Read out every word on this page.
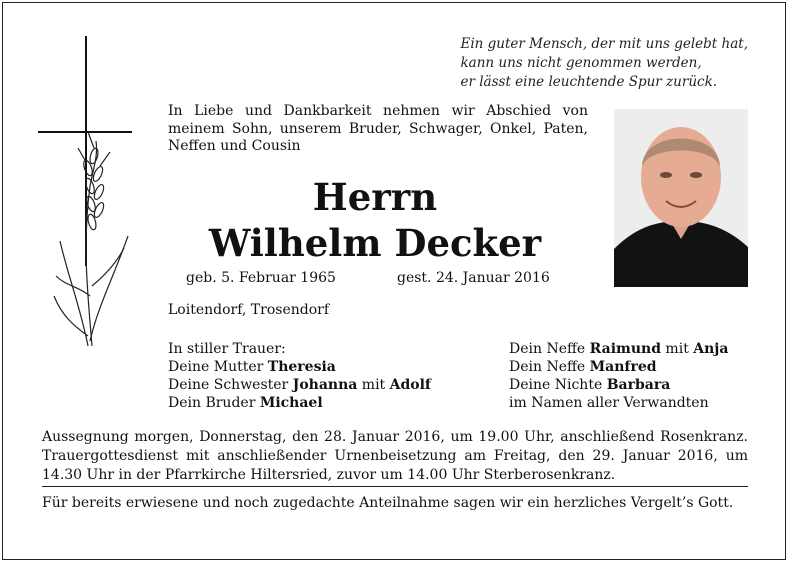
Ein guter Mensch, der mit uns gelebt hat,
kann uns nicht genommen werden,
er lässt eine leuchtende Spur zurück.
In Liebe und Dankbarkeit nehmen wir Abschied von meinem Sohn, unserem Bruder, Schwager, Onkel, Paten, Neffen und Cousin
Herrn
Wilhelm Decker
geb. 5. Februar 1965	gest. 24. Januar 2016
Loitendorf, Trosendorf
In stiller Trauer:
Deine Mutter Theresia
Deine Schwester Johanna mit Adolf
Dein Bruder Michael
Dein Neffe Raimund mit Anja
Dein Neffe Manfred
Deine Nichte Barbara
im Namen aller Verwandten
Aussegnung morgen, Donnerstag, den 28. Januar 2016, um 19.00 Uhr, anschließend Rosenkranz. Trauergottesdienst mit anschließender Urnenbeisetzung am Freitag, den 29. Januar 2016, um 14.30 Uhr in der Pfarrkirche Hiltersried, zuvor um 14.00 Uhr Sterberosenkranz.
Für bereits erwiesene und noch zugedachte Anteilnahme sagen wir ein herzliches Vergelt’s Gott.
